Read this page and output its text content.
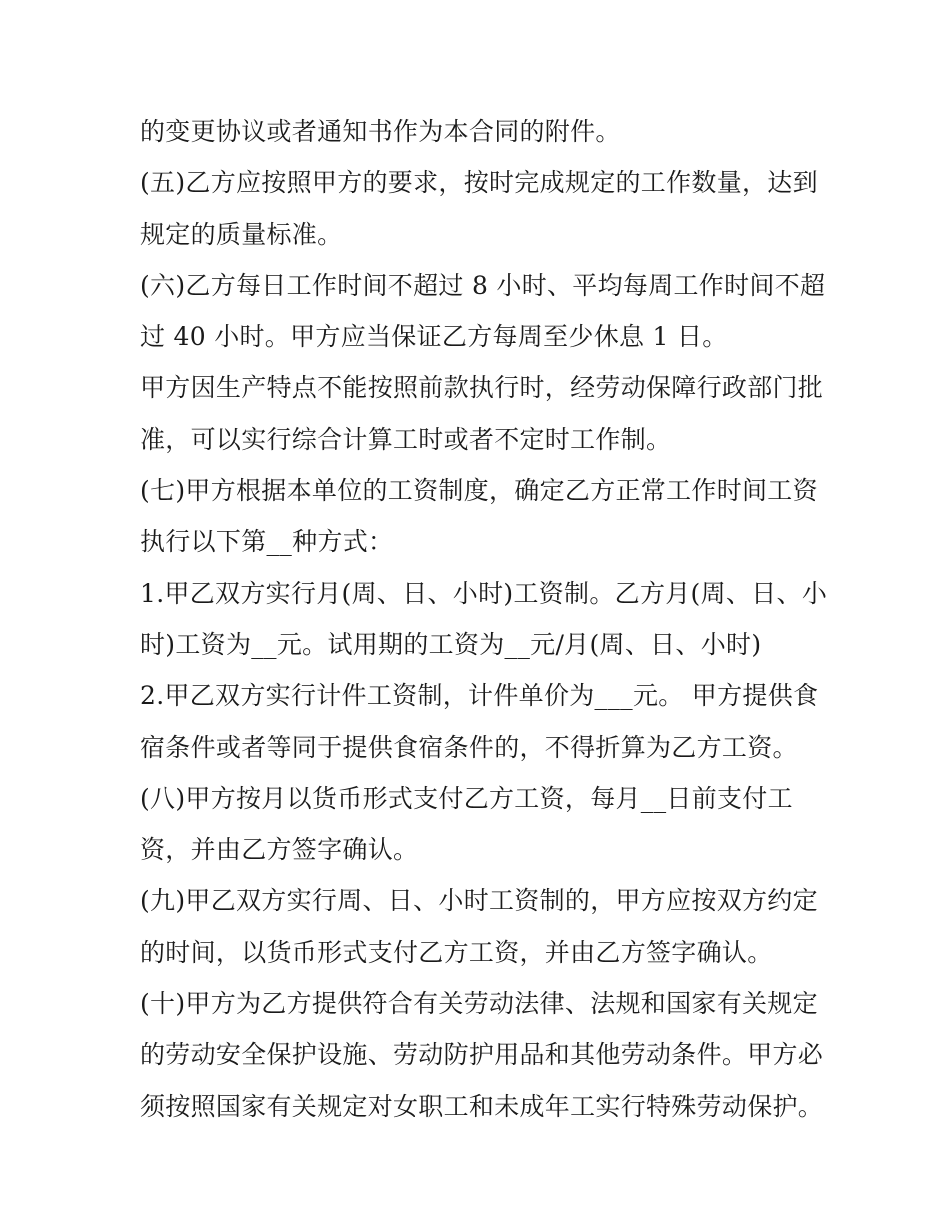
的变更协议或者通知书作为本合同的附件。
(五)乙方应按照甲方的要求，按时完成规定的工作数量，达到
规定的质量标准。
(六)乙方每日工作时间不超过 8 小时、平均每周工作时间不超
过 40 小时。甲方应当保证乙方每周至少休息 1 日。
甲方因生产特点不能按照前款执行时，经劳动保障行政部门批
准，可以实行综合计算工时或者不定时工作制。
(七)甲方根据本单位的工资制度，确定乙方正常工作时间工资
执行以下第__种方式：
1.甲乙双方实行月(周、日、小时)工资制。乙方月(周、日、小
时)工资为__元。试用期的工资为__元/月(周、日、小时)
2.甲乙双方实行计件工资制，计件单价为___元。 甲方提供食
宿条件或者等同于提供食宿条件的，不得折算为乙方工资。
(八)甲方按月以货币形式支付乙方工资，每月__日前支付工
资，并由乙方签字确认。
(九)甲乙双方实行周、日、小时工资制的，甲方应按双方约定
的时间，以货币形式支付乙方工资，并由乙方签字确认。
(十)甲方为乙方提供符合有关劳动法律、法规和国家有关规定
的劳动安全保护设施、劳动防护用品和其他劳动条件。甲方必
须按照国家有关规定对女职工和未成年工实行特殊劳动保护。
